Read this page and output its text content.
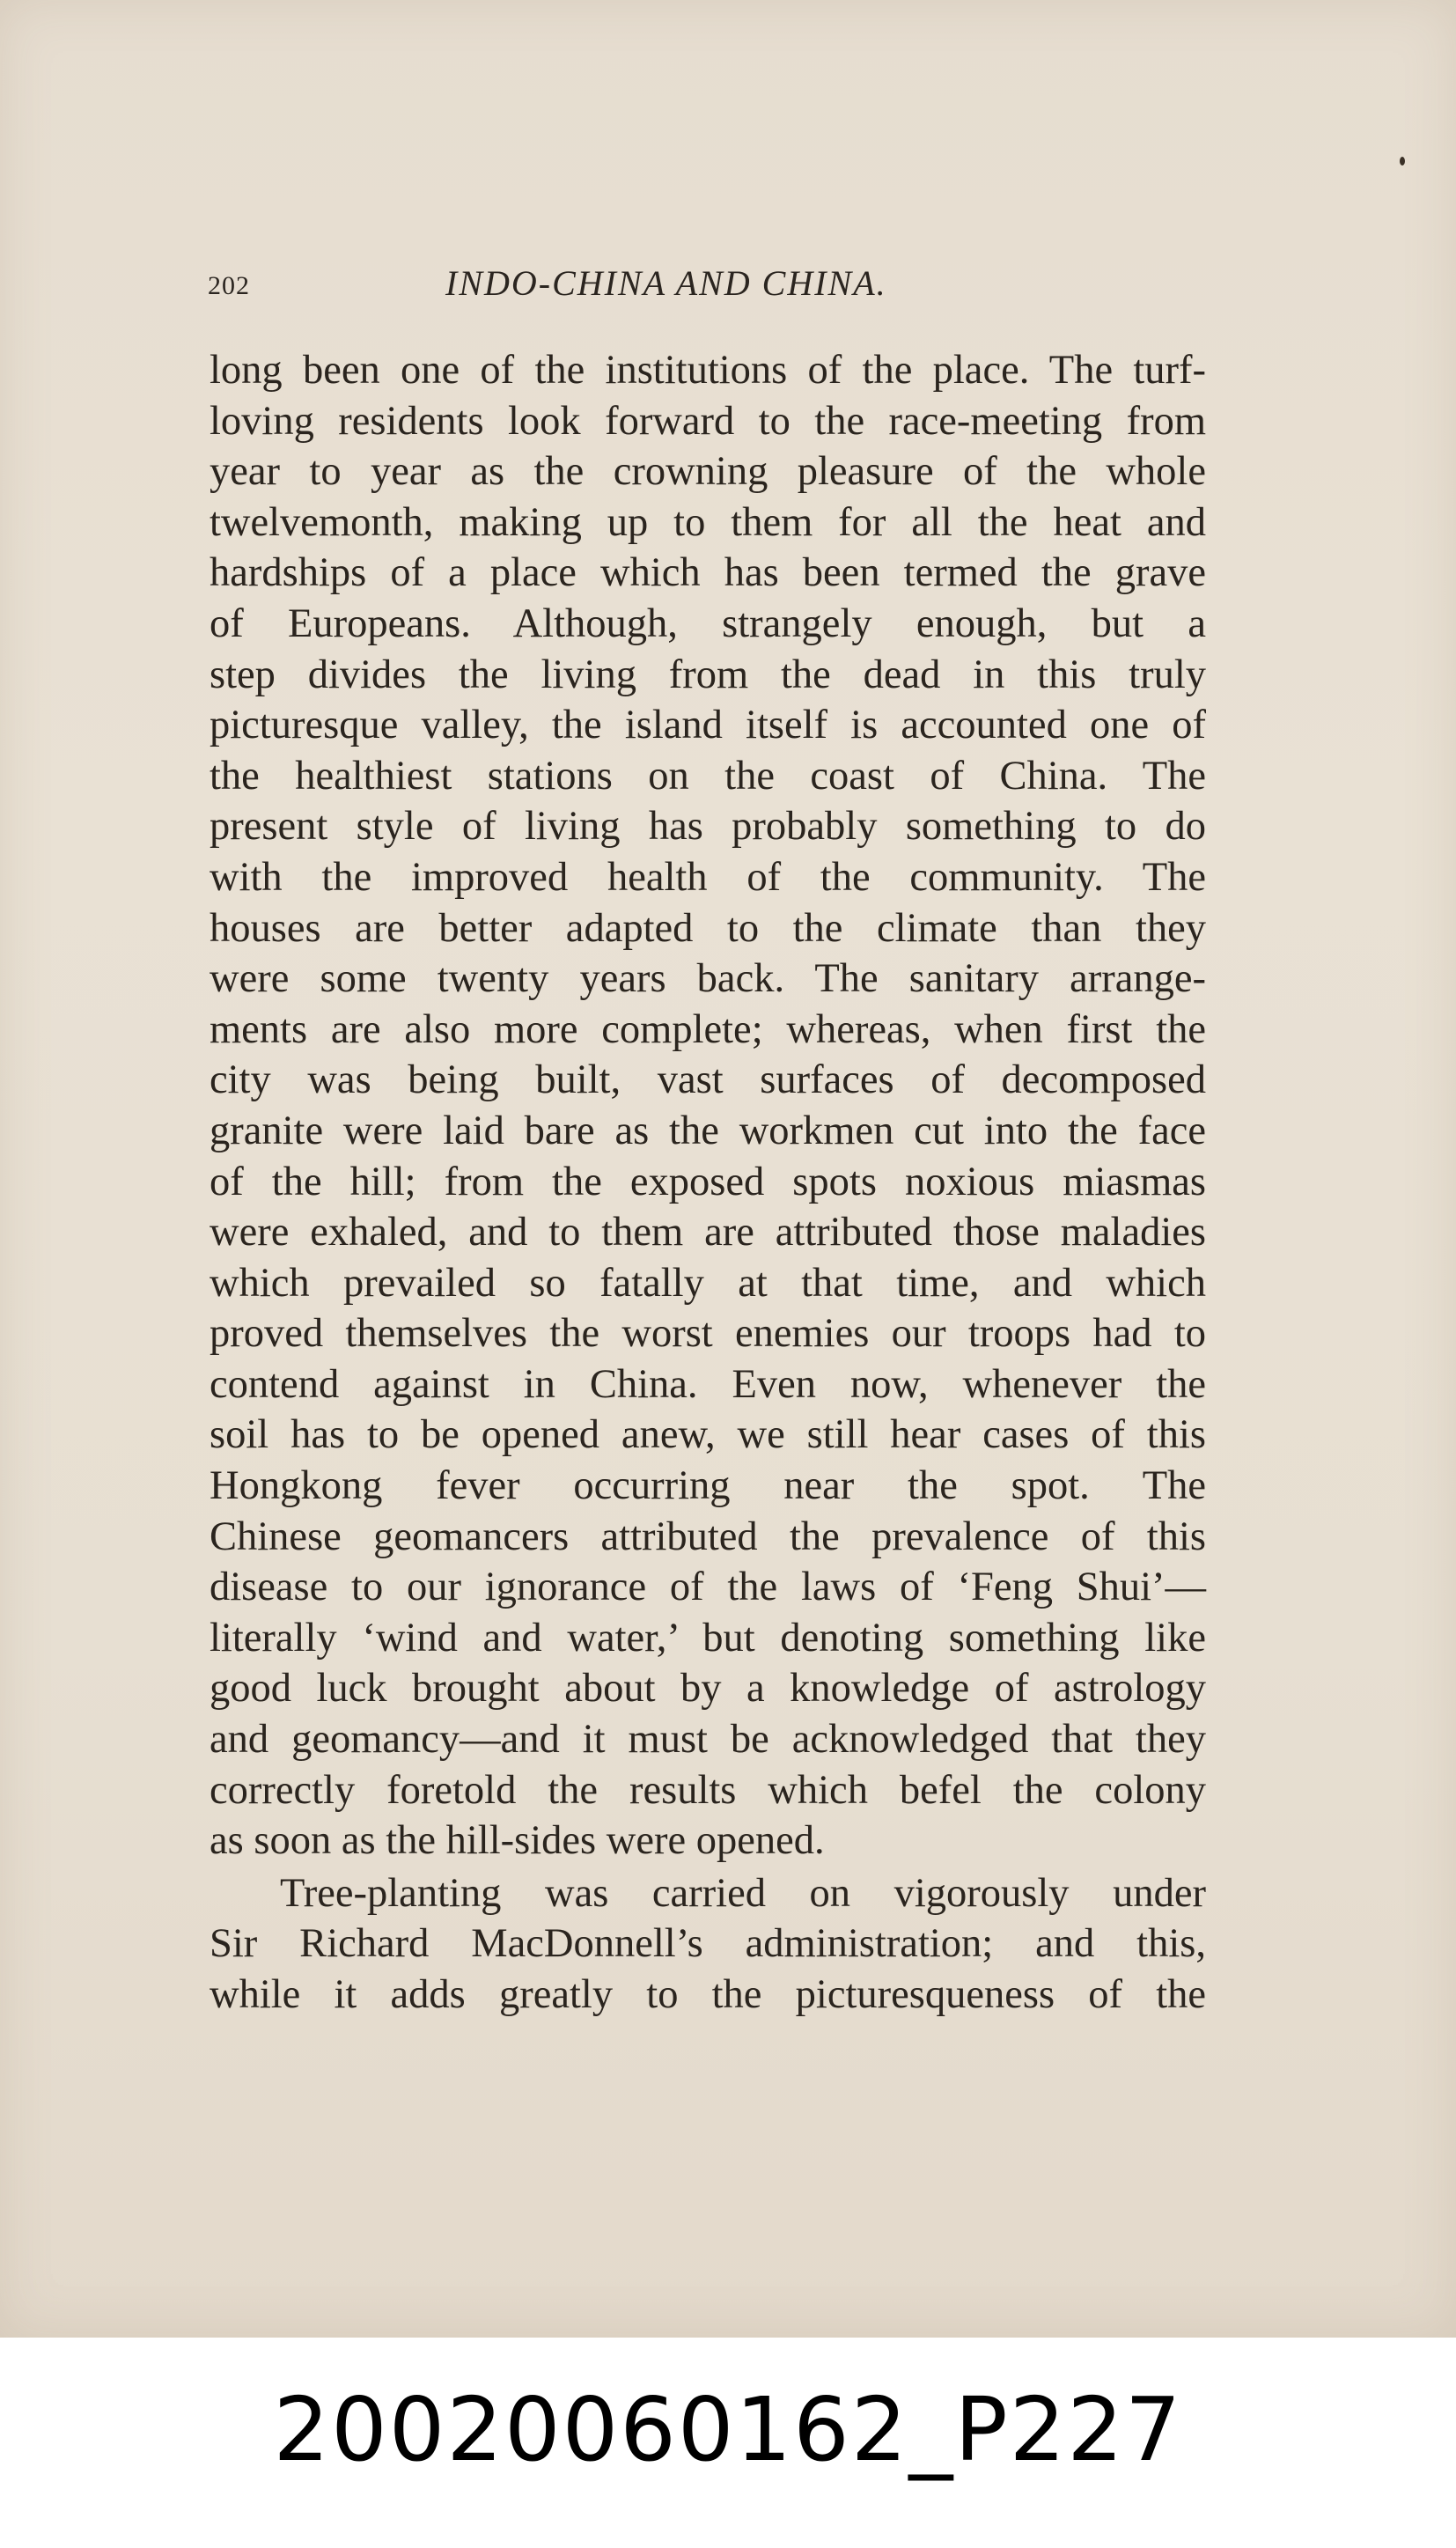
202	INDO-CHINA AND CHINA.
long been one of the institutions of the place. The turf-
loving residents look forward to the race-meeting from
year to year as the crowning pleasure of the whole
twelvemonth, making up to them for all the heat and
hardships of a place which has been termed the grave
of Europeans. Although, strangely enough, but a
step divides the living from the dead in this truly
picturesque valley, the island itself is accounted one of
the healthiest stations on the coast of China. The
present style of living has probably something to do
with the improved health of the community. The
houses are better adapted to the climate than they
were some twenty years back. The sanitary arrange-
ments are also more complete; whereas, when first the
city was being built, vast surfaces of decomposed
granite were laid bare as the workmen cut into the face
of the hill; from the exposed spots noxious miasmas
were exhaled, and to them are attributed those maladies
which prevailed so fatally at that time, and which
proved themselves the worst enemies our troops had to
contend against in China. Even now, whenever the
soil has to be opened anew, we still hear cases of this
Hongkong fever occurring near the spot. The
Chinese geomancers attributed the prevalence of this
disease to our ignorance of the laws of ‘Feng Shui’—
literally ‘wind and water,’ but denoting something like
good luck brought about by a knowledge of astrology
and geomancy—and it must be acknowledged that they
correctly foretold the results which befel the colony
as soon as the hill-sides were opened.
Tree-planting was carried on vigorously under
Sir Richard MacDonnell’s administration; and this,
while it adds greatly to the picturesqueness of the
20020060162_P227
